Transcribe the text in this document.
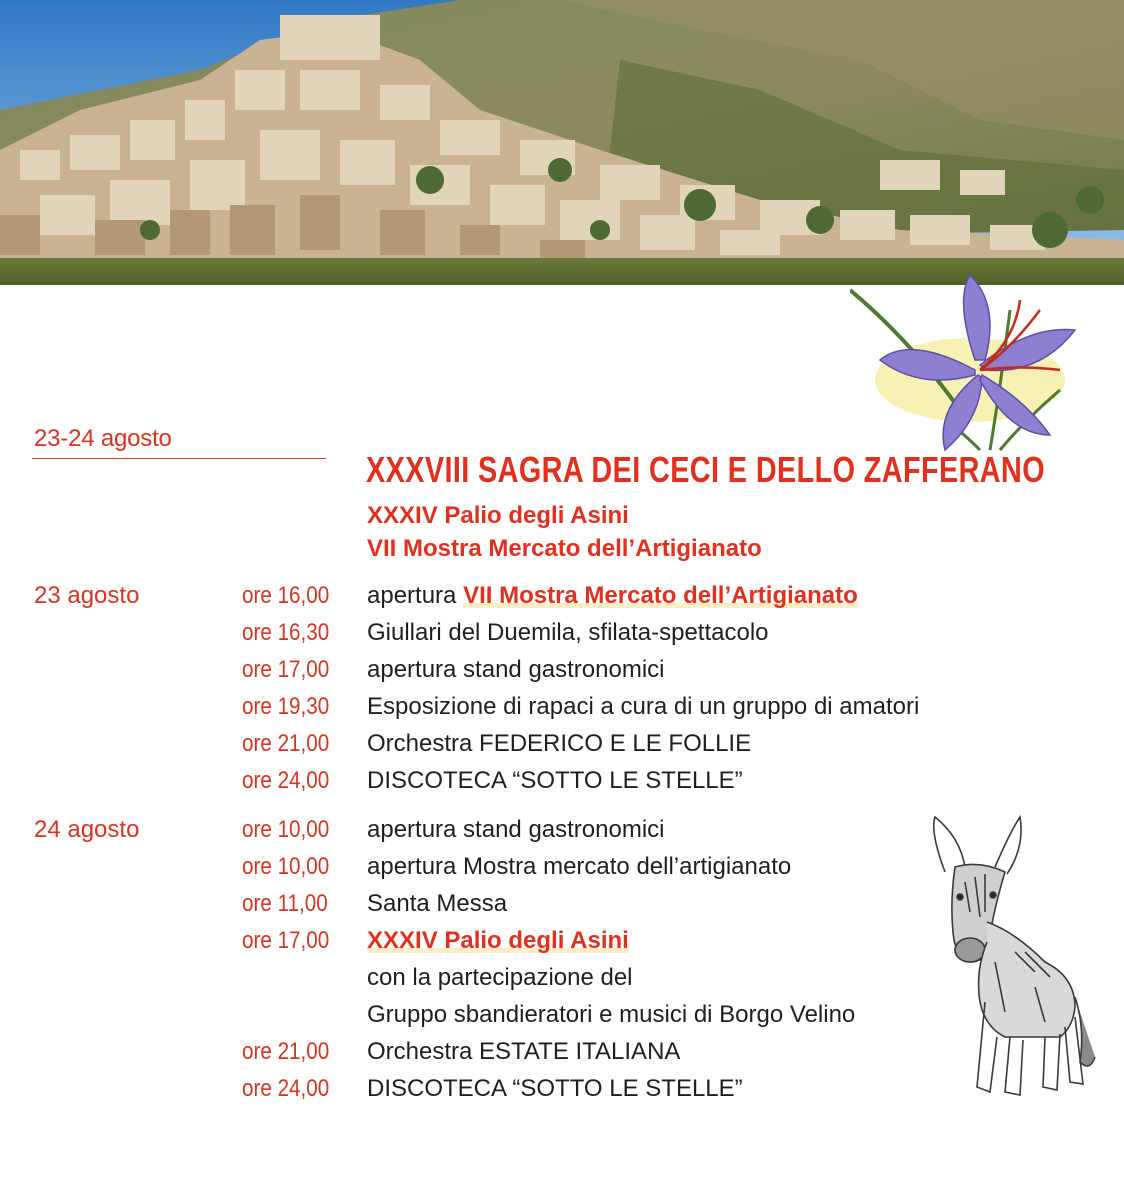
23-24 agosto
XXXVIII SAGRA DEI CECI E DELLO ZAFFERANO
XXXIV Palio degli Asini
VII Mostra Mercato dell’Artigianato
23 agosto	ore 16,00 apertura VII Mostra Mercato dell’Artigianato
ore 16,30 Giullari del Duemila, sfilata-spettacolo
ore 17,00 apertura stand gastronomici
ore 19,30 Esposizione di rapaci a cura di un gruppo di amatori
ore 21,00 Orchestra FEDERICO E LE FOLLIE
ore 24,00 DISCOTECA “SOTTO LE STELLE”
24 agosto	ore 10,00 apertura stand gastronomici
ore 10,00 apertura Mostra mercato dell’artigianato
ore 11,00 Santa Messa
ore 17,00 XXXIV Palio degli Asini
con la partecipazione del
Gruppo sbandieratori e musici di Borgo Velino
ore 21,00 Orchestra ESTATE ITALIANA
ore 24,00 DISCOTECA “SOTTO LE STELLE”
